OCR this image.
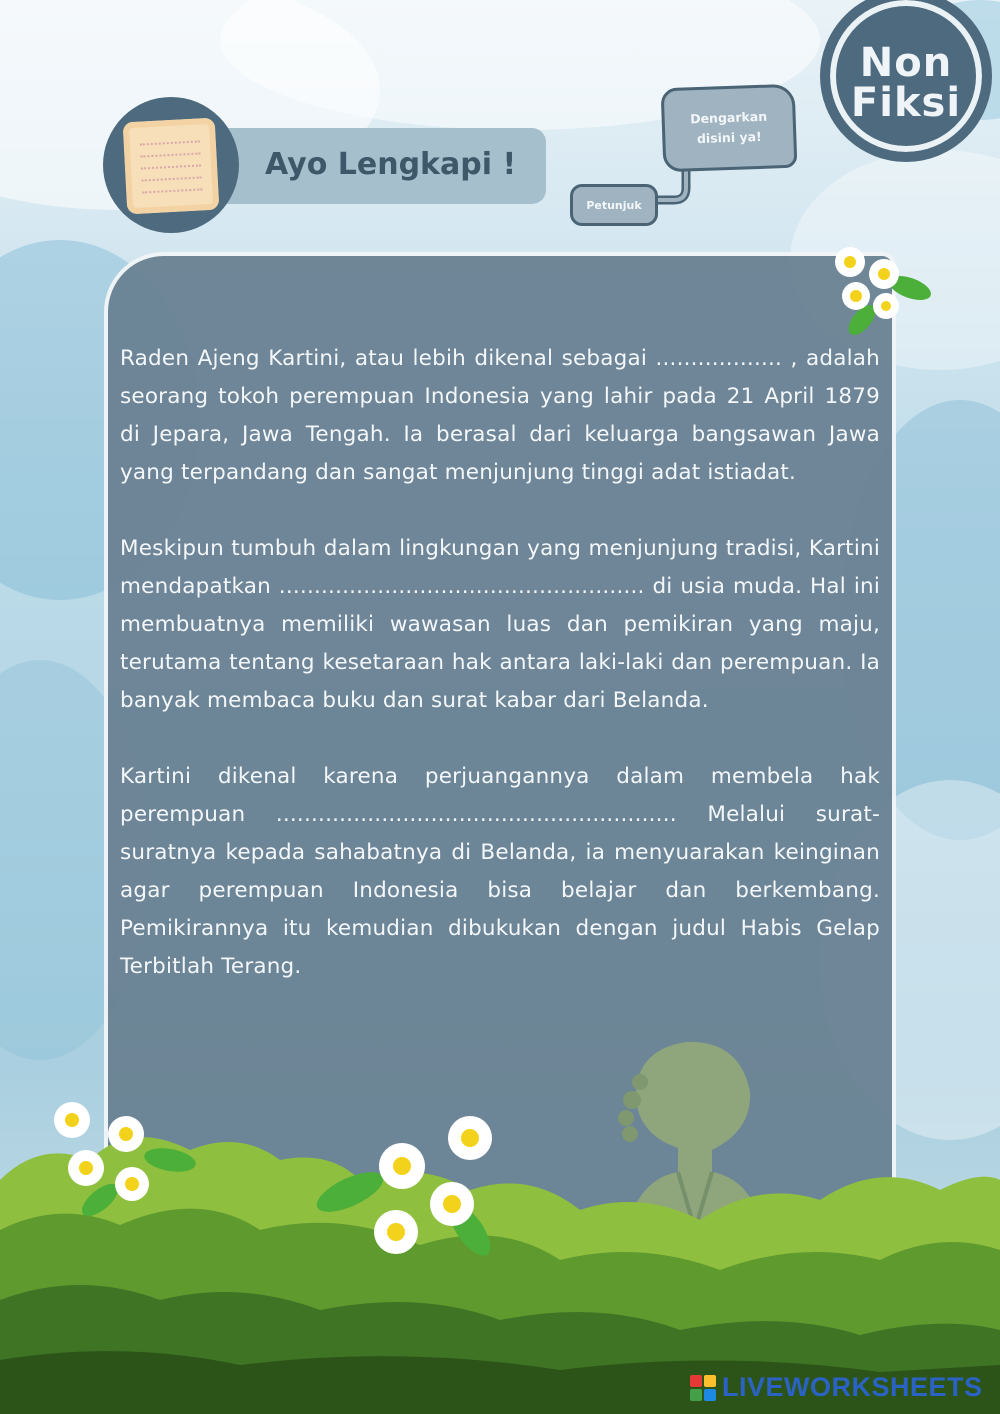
Non
Fiksi
Ayo Lengkapi !
Dengarkan
disini ya!
Petunjuk

Raden Ajeng Kartini, atau lebih dikenal sebagai .................. , adalah seorang tokoh perempuan Indonesia yang lahir pada 21 April 1879 di Jepara, Jawa Tengah. Ia berasal dari keluarga bangsawan Jawa yang terpandang dan sangat menjunjung tinggi adat istiadat.

Meskipun tumbuh dalam lingkungan yang menjunjung tradisi, Kartini mendapatkan .................................................... di usia muda. Hal ini membuatnya memiliki wawasan luas dan pemikiran yang maju, terutama tentang kesetaraan hak antara laki-laki dan perempuan. Ia banyak membaca buku dan surat kabar dari Belanda.

Kartini dikenal karena perjuangannya dalam membela hak perempuan ......................................................... Melalui surat-suratnya kepada sahabatnya di Belanda, ia menyuarakan keinginan agar perempuan Indonesia bisa belajar dan berkembang. Pemikirannya itu kemudian dibukukan dengan judul Habis Gelap Terbitlah Terang.

LIVEWORKSHEETS
